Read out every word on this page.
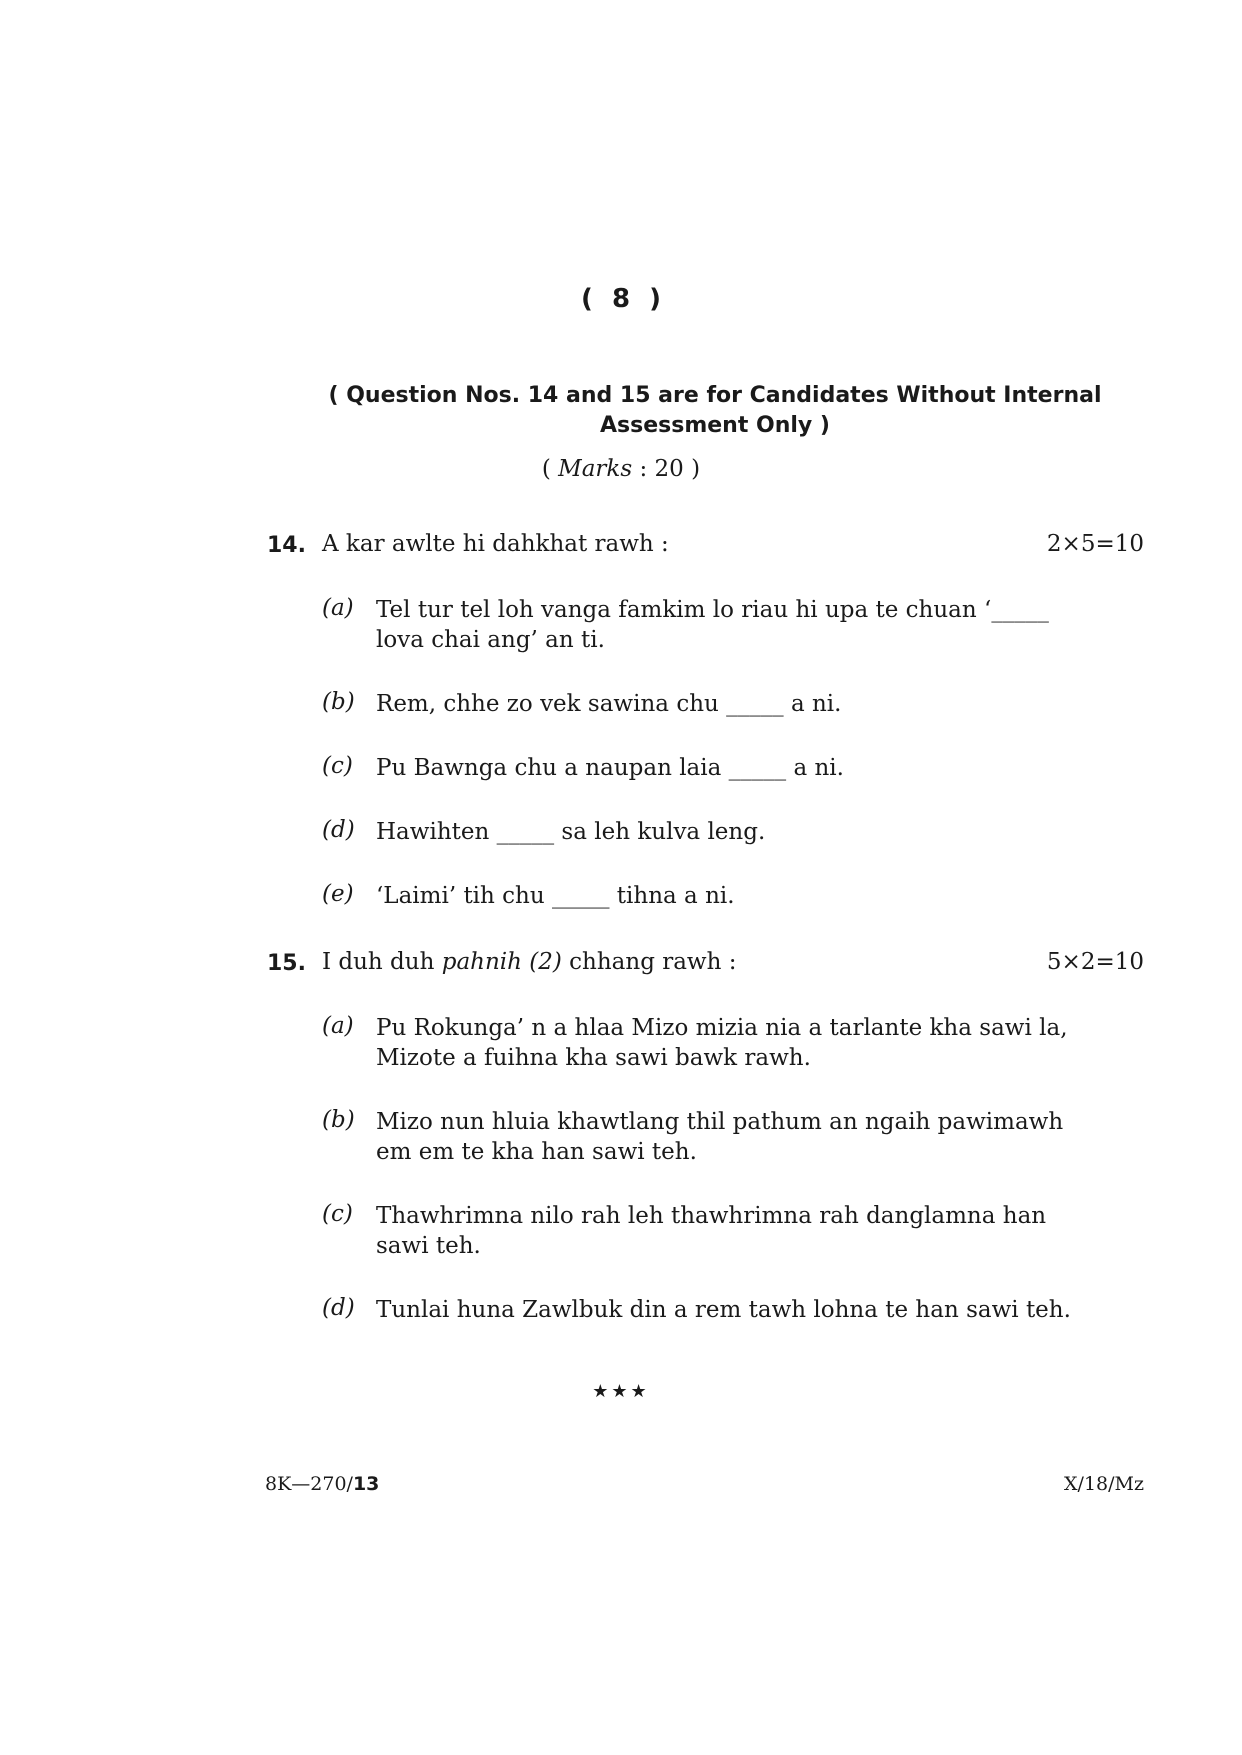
( 8 )
( Question Nos. 14 and 15 are for Candidates Without Internal Assessment Only )
( Marks : 20 )
14. A kar awlte hi dahkhat rawh :	2×5=10
(a) Tel tur tel loh vanga famkim lo riau hi upa te chuan ‘_____ lova chai ang’ an ti.
(b) Rem, chhe zo vek sawina chu _____ a ni.
(c) Pu Bawnga chu a naupan laia _____ a ni.
(d) Hawihten _____ sa leh kulva leng.
(e) ‘Laimi’ tih chu _____ tihna a ni.
15. I duh duh pahnih (2) chhang rawh :	5×2=10
(a) Pu Rokunga’ n a hlaa Mizo mizia nia a tarlante kha sawi la, Mizote a fuihna kha sawi bawk rawh.
(b) Mizo nun hluia khawtlang thil pathum an ngaih pawimawh em em te kha han sawi teh.
(c) Thawhrimna nilo rah leh thawhrimna rah danglamna han sawi teh.
(d) Tunlai huna Zawlbuk din a rem tawh lohna te han sawi teh.
★★★
8K—270/13	X/18/Mz
